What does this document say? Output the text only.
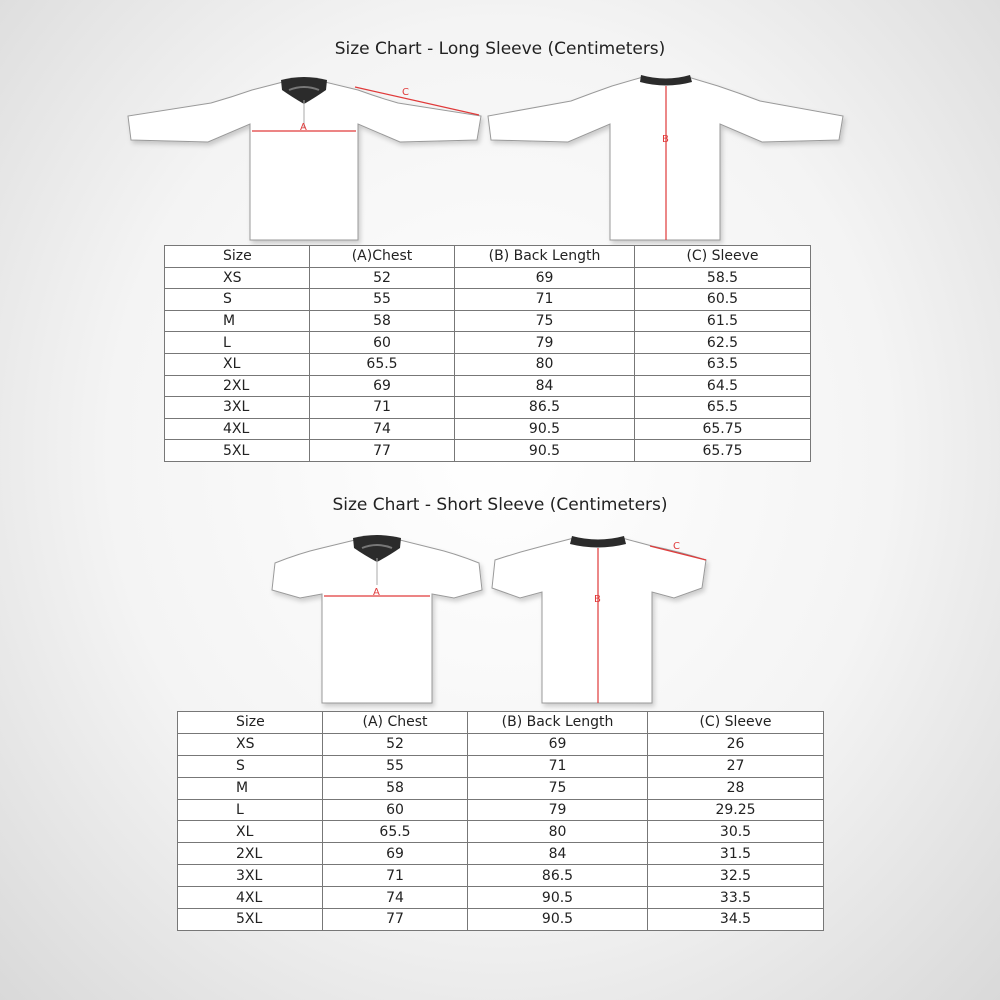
Size Chart - Long Sleeve (Centimeters)
A
C
B
A
B
C
Size	(A)Chest	(B) Back Length	(C) Sleeve
XS	52	69	58.5
S	55	71	60.5
M	58	75	61.5
L	60	79	62.5
XL	65.5	80	63.5
2XL	69	84	64.5
3XL	71	86.5	65.5
4XL	74	90.5	65.75
5XL	77	90.5	65.75
Size Chart - Short Sleeve (Centimeters)
Size	(A) Chest	(B) Back Length	(C) Sleeve
XS	52	69	26
S	55	71	27
M	58	75	28
L	60	79	29.25
XL	65.5	80	30.5
2XL	69	84	31.5
3XL	71	86.5	32.5
4XL	74	90.5	33.5
5XL	77	90.5	34.5
